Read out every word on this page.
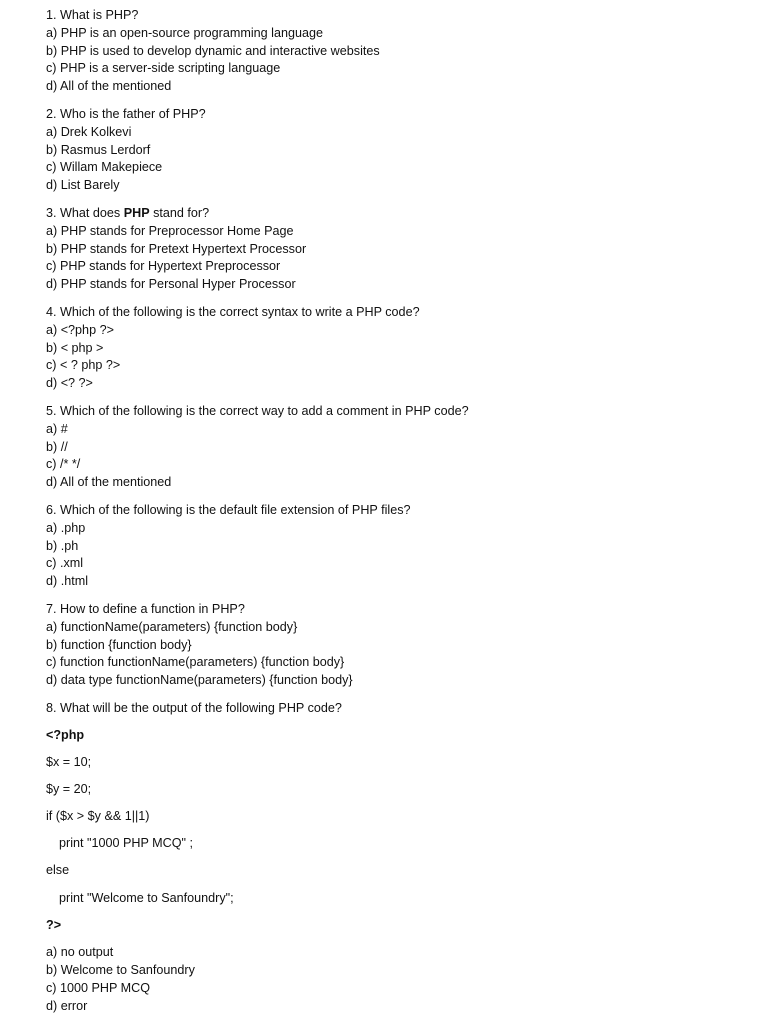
1. What is PHP?
a) PHP is an open-source programming language
b) PHP is used to develop dynamic and interactive websites
c) PHP is a server-side scripting language
d) All of the mentioned
2. Who is the father of PHP?
a) Drek Kolkevi
b) Rasmus Lerdorf
c) Willam Makepiece
d) List Barely
3. What does PHP stand for?
a) PHP stands for Preprocessor Home Page
b) PHP stands for Pretext Hypertext Processor
c) PHP stands for Hypertext Preprocessor
d) PHP stands for Personal Hyper Processor
4. Which of the following is the correct syntax to write a PHP code?
a) <?php ?>
b) < php >
c) < ? php ?>
d) <? ?>
5. Which of the following is the correct way to add a comment in PHP code?
a) #
b) //
c) /* */
d) All of the mentioned
6. Which of the following is the default file extension of PHP files?
a) .php
b) .ph
c) .xml
d) .html
7. How to define a function in PHP?
a) functionName(parameters) {function body}
b) function {function body}
c) function functionName(parameters) {function body}
d) data type functionName(parameters) {function body}
8. What will be the output of the following PHP code?
<?php
$x = 10;
$y = 20;
if ($x > $y && 1||1)
print "1000 PHP MCQ" ;
else
print "Welcome to Sanfoundry";
?>
a) no output
b) Welcome to Sanfoundry
c) 1000 PHP MCQ
d) error
